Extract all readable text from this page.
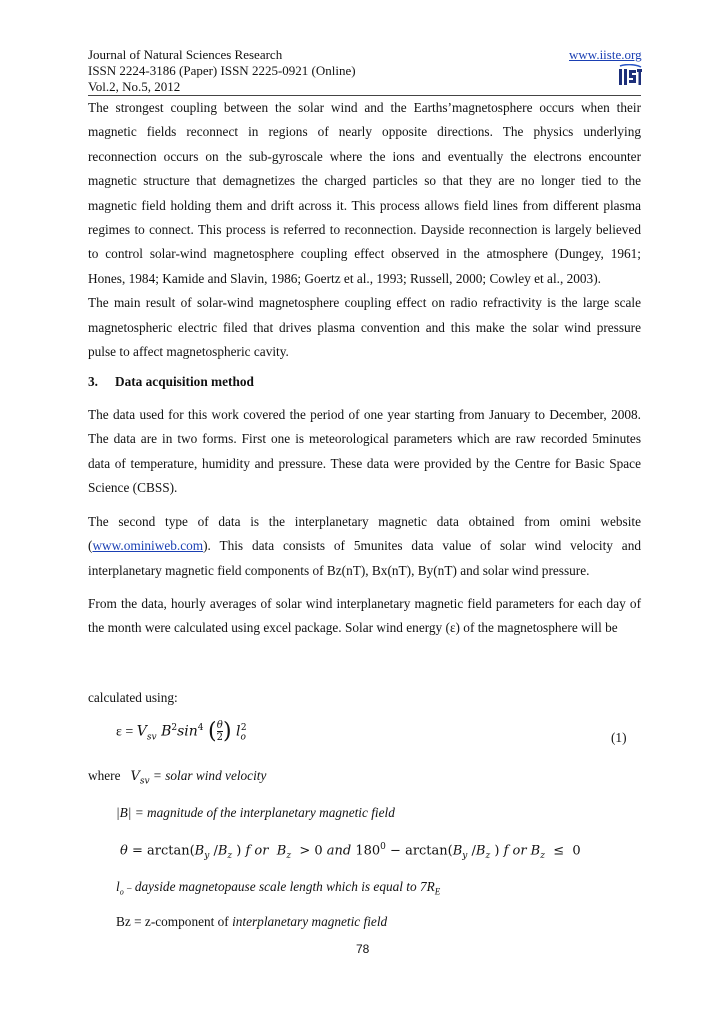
Journal of Natural Sciences Research
ISSN 2224-3186 (Paper) ISSN 2225-0921 (Online)
Vol.2, No.5, 2012
www.iiste.org
The strongest coupling between the solar wind and the Earths’magnetosphere occurs when their
magnetic fields reconnect in regions of nearly opposite directions. The physics underlying
reconnection occurs on the sub-gyroscale where the ions and eventually the electrons encounter
magnetic structure that demagnetizes the charged particles so that they are no longer tied to the
magnetic field holding them and drift across it. This process allows field lines from different plasma
regimes to connect. This process is referred to reconnection. Dayside reconnection is largely believed
to control solar-wind magnetosphere coupling effect observed in the atmosphere (Dungey, 1961;
Hones, 1984; Kamide and Slavin, 1986; Goertz et al., 1993; Russell, 2000; Cowley et al., 2003).
The main result of solar-wind magnetosphere coupling effect on radio refractivity is the large scale
magnetospheric electric filed that drives plasma convention and this make the solar wind pressure
pulse to affect magnetospheric cavity.
3. Data acquisition method
The data used for this work covered the period of one year starting from January to December, 2008.
The data are in two forms. First one is meteorological parameters which are raw recorded 5minutes
data of temperature, humidity and pressure. These data were provided by the Centre for Basic Space
Science (CBSS).
The second type of data is the interplanetary magnetic data obtained from omini website
(www.ominiweb.com). This data consists of 5munites data value of solar wind velocity and
interplanetary magnetic field components of Bz(nT), Bx(nT), By(nT) and solar wind pressure.
From the data, hourly averages of solar wind interplanetary magnetic field parameters for each day of
the month were calculated using excel package. Solar wind energy (ε) of the magnetosphere will be
calculated using:
$\varepsilon = V_{sv}$ $B^2\sin^4$ ($\frac{\theta}{2}$ ) $l_o^2$
(1)
where $V_{sv}$ = solar wind velocity
|B| = magnitude of the interplanetary magnetic field
$\theta = \arctan(B_y$ $/B_z$ ) f or $B_z > 0$ and $180^0 - \arctan(B_y$ $/B_z$ ) f or $B_z \le 0$
$l_o$ – dayside magnetopause scale length which is equal to $7R_E$
Bz = z-component of interplanetary magnetic field
78
